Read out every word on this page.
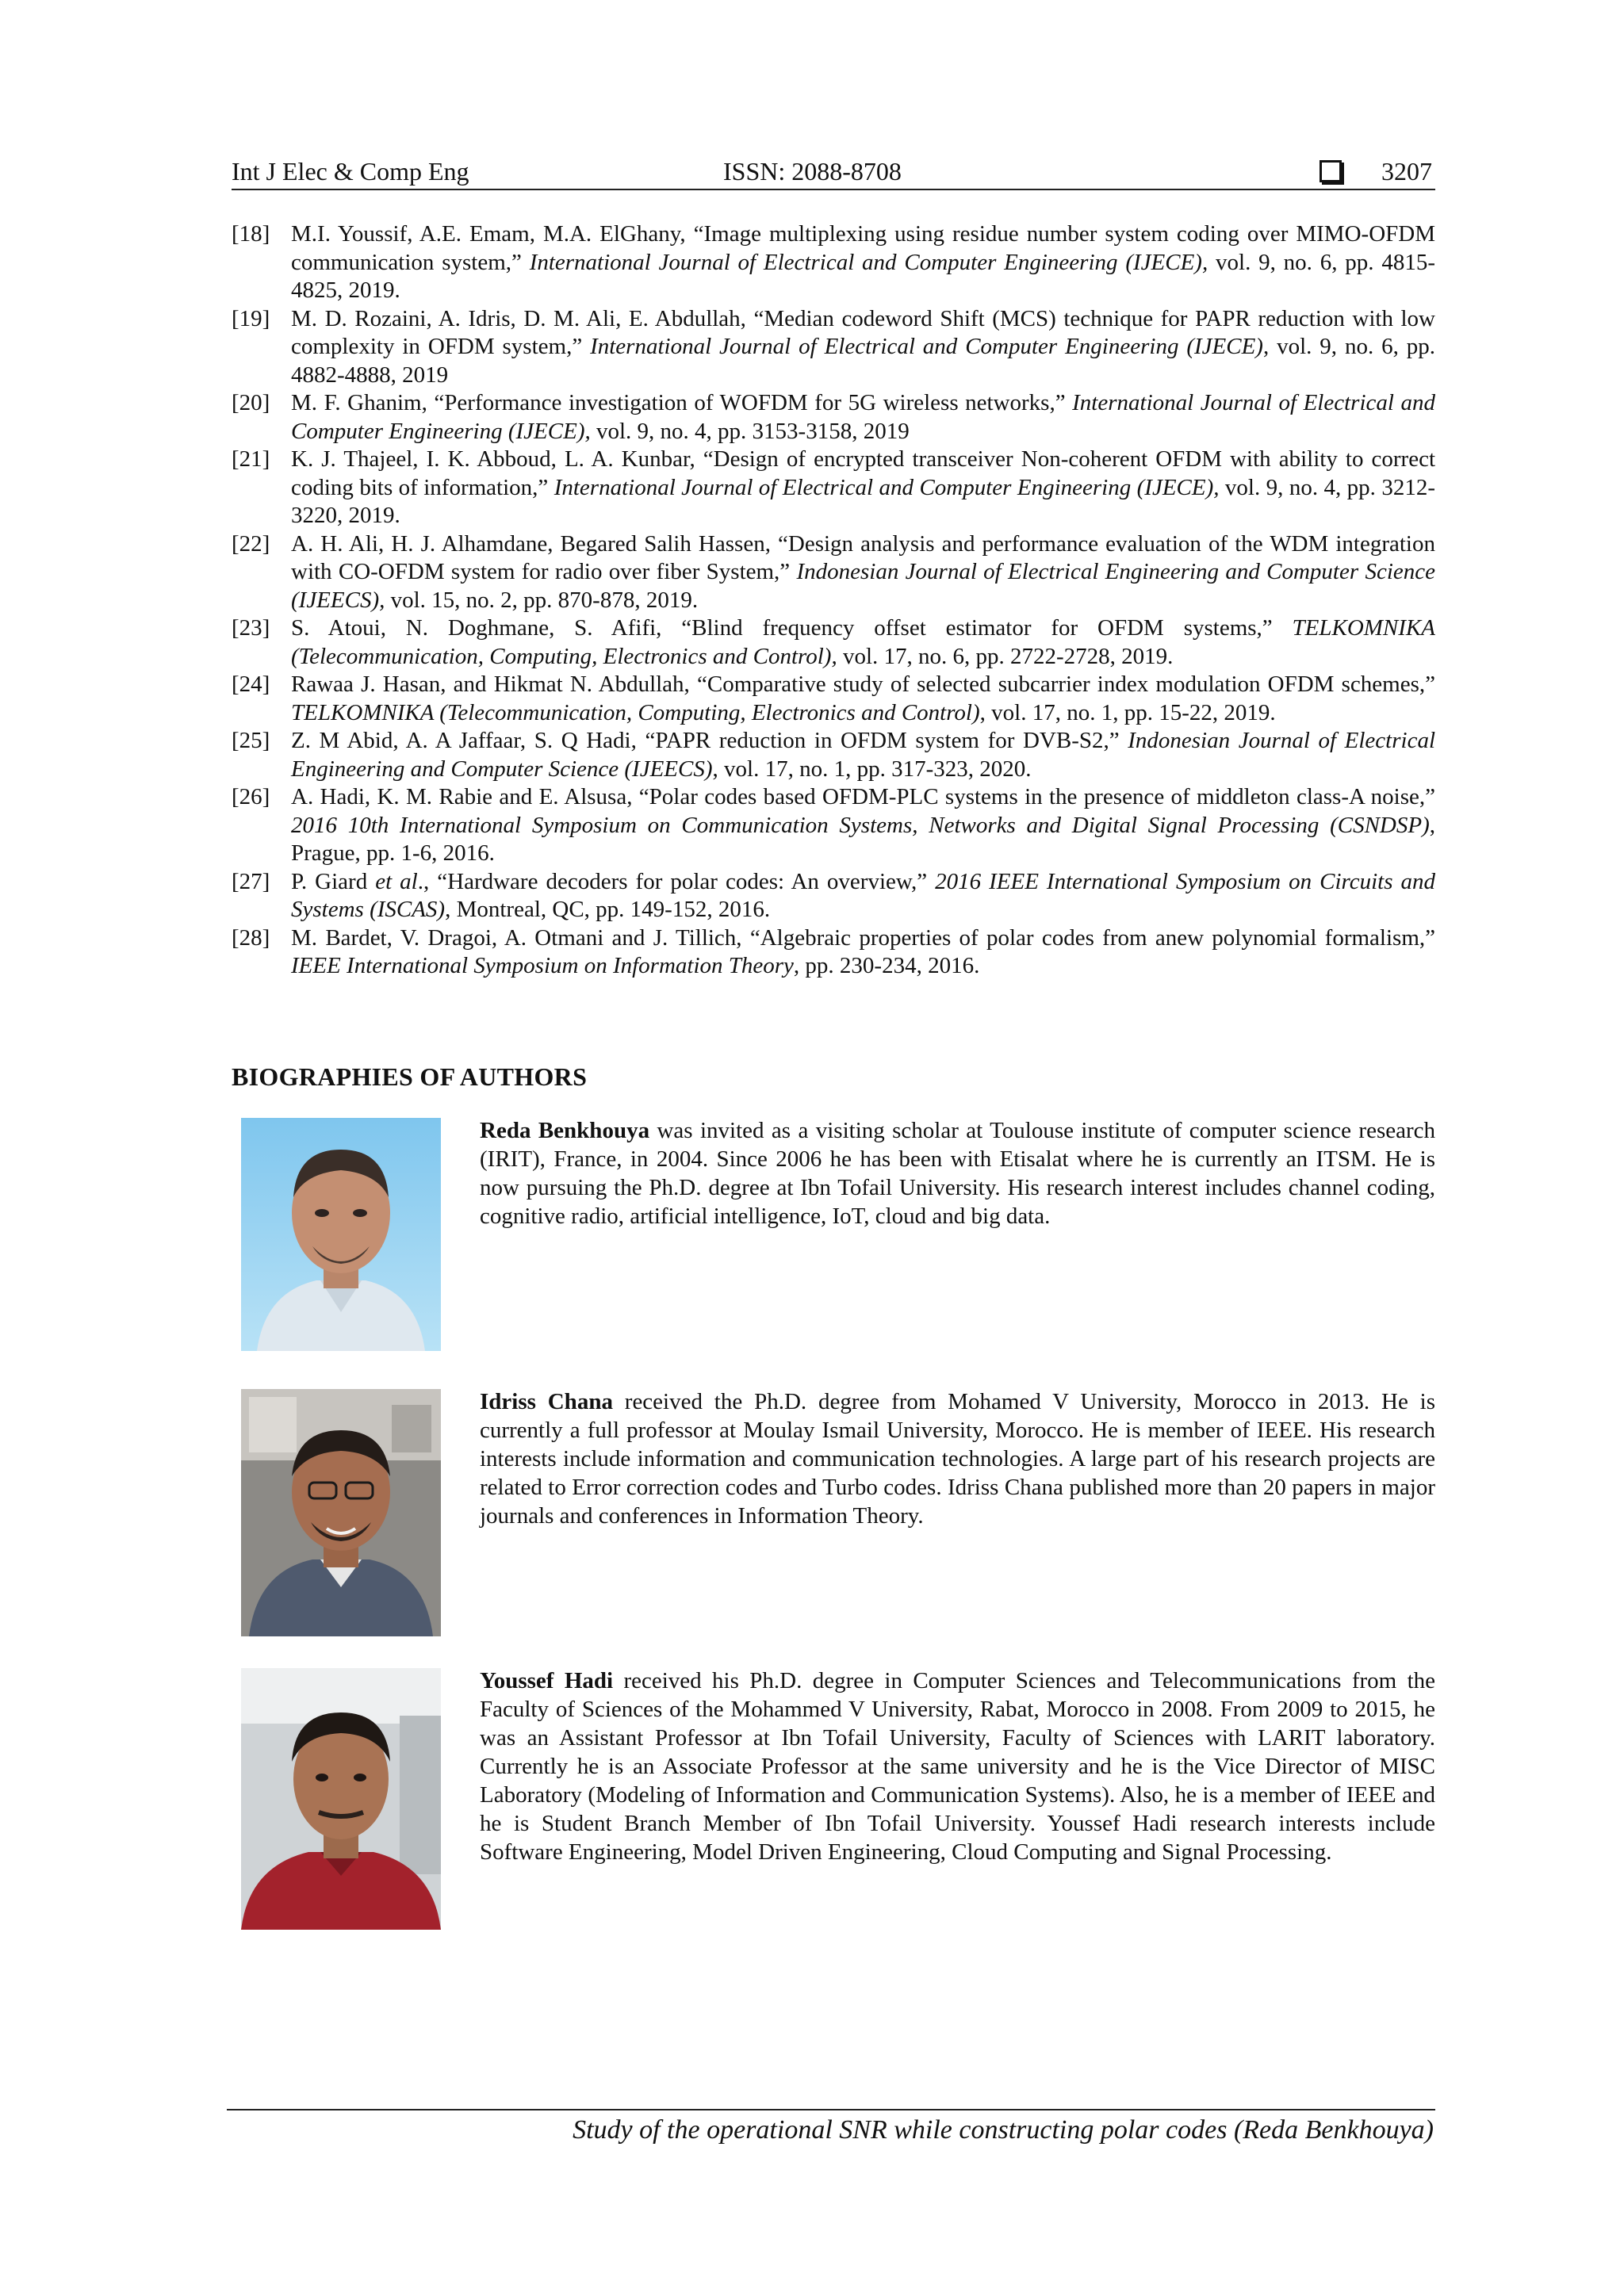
Int J Elec & Comp Eng	ISSN: 2088-8708	3207
[18] M.I. Youssif, A.E. Emam, M.A. ElGhany, “Image multiplexing using residue number system coding over MIMO-OFDM communication system,” International Journal of Electrical and Computer Engineering (IJECE), vol. 9, no. 6, pp. 4815-4825, 2019.
[19] M. D. Rozaini, A. Idris, D. M. Ali, E. Abdullah, “Median codeword Shift (MCS) technique for PAPR reduction with low complexity in OFDM system,” International Journal of Electrical and Computer Engineering (IJECE), vol. 9, no. 6, pp. 4882-4888, 2019
[20] M. F. Ghanim, “Performance investigation of WOFDM for 5G wireless networks,” International Journal of Electrical and Computer Engineering (IJECE), vol. 9, no. 4, pp. 3153-3158, 2019
[21] K. J. Thajeel, I. K. Abboud, L. A. Kunbar, “Design of encrypted transceiver Non-coherent OFDM with ability to correct coding bits of information,” International Journal of Electrical and Computer Engineering (IJECE), vol. 9, no. 4, pp. 3212-3220, 2019.
[22] A. H. Ali, H. J. Alhamdane, Begared Salih Hassen, “Design analysis and performance evaluation of the WDM integration with CO-OFDM system for radio over fiber System,” Indonesian Journal of Electrical Engineering and Computer Science (IJEECS), vol. 15, no. 2, pp. 870-878, 2019.
[23] S. Atoui, N. Doghmane, S. Afifi, “Blind frequency offset estimator for OFDM systems,” TELKOMNIKA (Telecommunication, Computing, Electronics and Control), vol. 17, no. 6, pp. 2722-2728, 2019.
[24] Rawaa J. Hasan, and Hikmat N. Abdullah, “Comparative study of selected subcarrier index modulation OFDM schemes,” TELKOMNIKA (Telecommunication, Computing, Electronics and Control), vol. 17, no. 1, pp. 15-22, 2019.
[25] Z. M Abid, A. A Jaffaar, S. Q Hadi, “PAPR reduction in OFDM system for DVB-S2,” Indonesian Journal of Electrical Engineering and Computer Science (IJEECS), vol. 17, no. 1, pp. 317-323, 2020.
[26] A. Hadi, K. M. Rabie and E. Alsusa, “Polar codes based OFDM-PLC systems in the presence of middleton class-A noise,” 2016 10th International Symposium on Communication Systems, Networks and Digital Signal Processing (CSNDSP), Prague, pp. 1-6, 2016.
[27] P. Giard et al., “Hardware decoders for polar codes: An overview,” 2016 IEEE International Symposium on Circuits and Systems (ISCAS), Montreal, QC, pp. 149-152, 2016.
[28] M. Bardet, V. Dragoi, A. Otmani and J. Tillich, “Algebraic properties of polar codes from anew polynomial formalism,” IEEE International Symposium on Information Theory, pp. 230-234, 2016.
BIOGRAPHIES OF AUTHORS
Reda Benkhouya was invited as a visiting scholar at Toulouse institute of computer science research (IRIT), France, in 2004. Since 2006 he has been with Etisalat where he is currently an ITSM. He is now pursuing the Ph.D. degree at Ibn Tofail University. His research interest includes channel coding, cognitive radio, artificial intelligence, IoT, cloud and big data.
Idriss Chana received the Ph.D. degree from Mohamed V University, Morocco in 2013. He is currently a full professor at Moulay Ismail University, Morocco. He is member of IEEE. His research interests include information and communication technologies. A large part of his research projects are related to Error correction codes and Turbo codes. Idriss Chana published more than 20 papers in major journals and conferences in Information Theory.
Youssef Hadi received his Ph.D. degree in Computer Sciences and Telecommunications from the Faculty of Sciences of the Mohammed V University, Rabat, Morocco in 2008. From 2009 to 2015, he was an Assistant Professor at Ibn Tofail University, Faculty of Sciences with LARIT laboratory. Currently he is an Associate Professor at the same university and he is the Vice Director of MISC Laboratory (Modeling of Information and Communication Systems). Also, he is a member of IEEE and he is Student Branch Member of Ibn Tofail University. Youssef Hadi research interests include Software Engineering, Model Driven Engineering, Cloud Computing and Signal Processing.
Study of the operational SNR while constructing polar codes (Reda Benkhouya)
